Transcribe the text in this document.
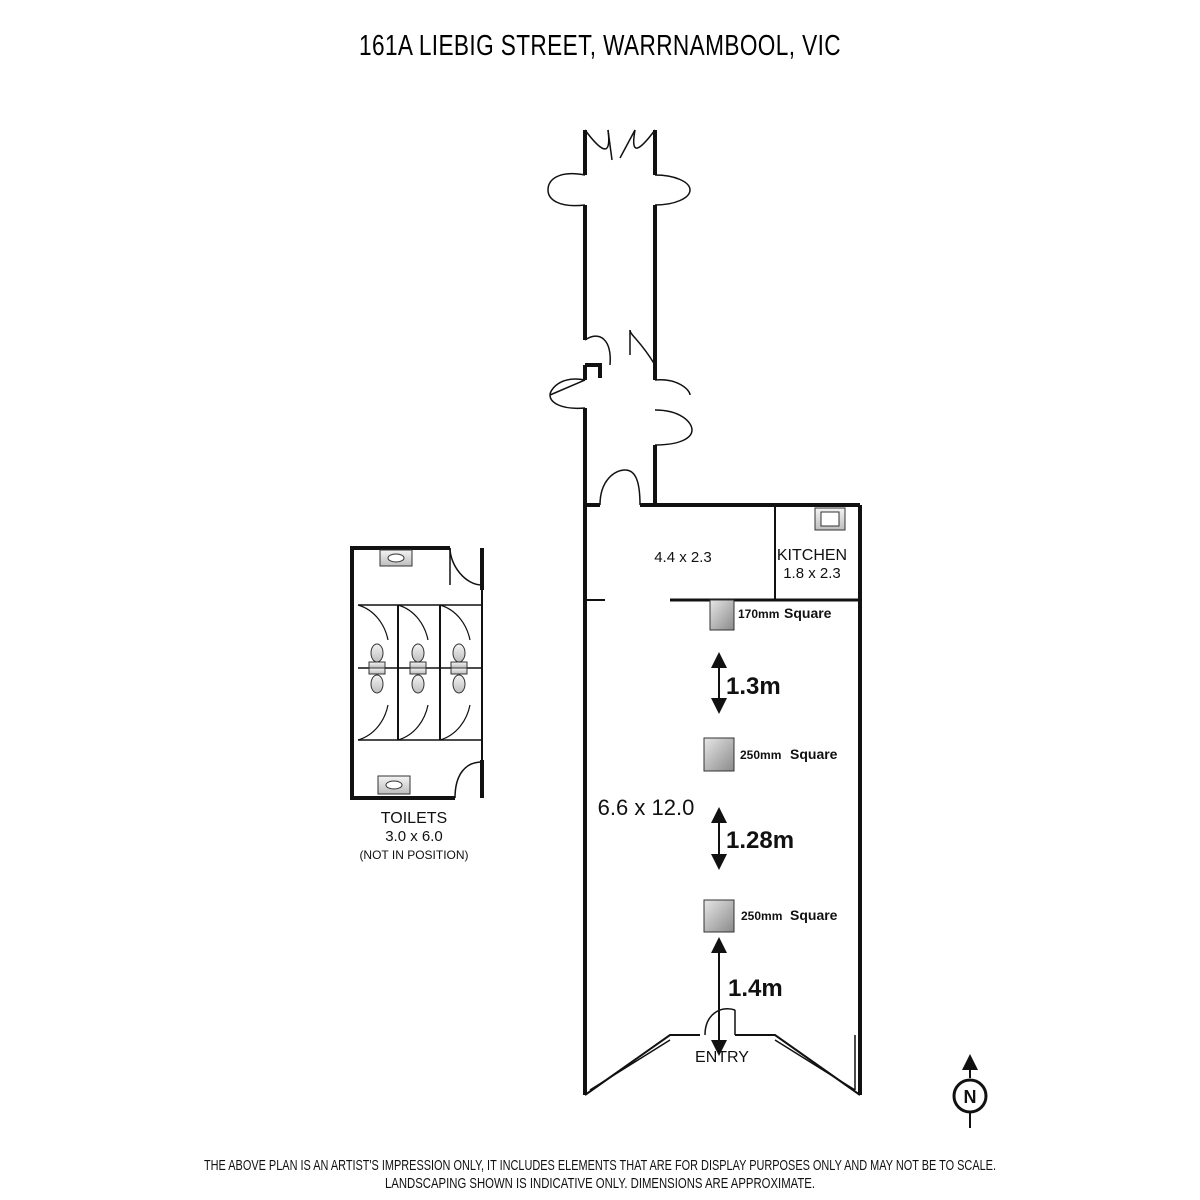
161A LIEBIG STREET, WARRNAMBOOL, VIC
4.4 x 2.3	KITCHEN
1.8 x 2.3
6.6 x 12.0
ENTRY
170mm Square
250mm Square
250mm Square
1.3m
1.28m
1.4m
TOILETS
3.0 x 6.0
(NOT IN POSITION)
N
THE ABOVE PLAN IS AN ARTIST'S IMPRESSION ONLY, IT INCLUDES ELEMENTS THAT ARE FOR DISPLAY PURPOSES ONLY AND MAY NOT BE TO SCALE.
LANDSCAPING SHOWN IS INDICATIVE ONLY. DIMENSIONS ARE APPROXIMATE.
